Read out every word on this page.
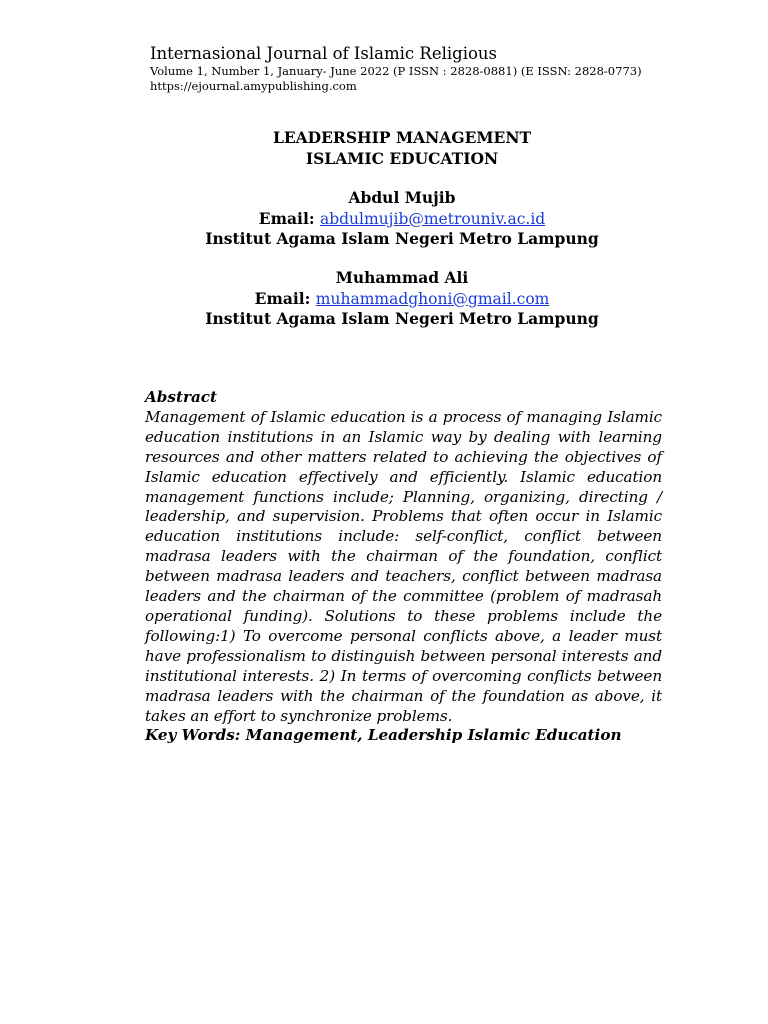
Internasional Journal of Islamic Religious
Volume 1, Number 1, January- June 2022 (P ISSN : 2828-0881) (E ISSN: 2828-0773)
https://ejournal.amypublishing.com
LEADERSHIP MANAGEMENT
ISLAMIC EDUCATION
Abdul Mujib
Email: abdulmujib@metrouniv.ac.id
Institut Agama Islam Negeri Metro Lampung
Muhammad Ali
Email: muhammadghoni@gmail.com
Institut Agama Islam Negeri Metro Lampung
Abstract
Management of Islamic education is a process of managing Islamic education institutions in an Islamic way by dealing with learning resources and other matters related to achieving the objectives of Islamic education effectively and efficiently. Islamic education management functions include; Planning, organizing, directing / leadership, and supervision. Problems that often occur in Islamic education institutions include: self-conflict, conflict between madrasa leaders with the chairman of the foundation, conflict between madrasa leaders and teachers, conflict between madrasa leaders and the chairman of the committee (problem of madrasah operational funding). Solutions to these problems include the following:1) To overcome personal conflicts above, a leader must have professionalism to distinguish between personal interests and institutional interests. 2) In terms of overcoming conflicts between madrasa leaders with the chairman of the foundation as above, it takes an effort to synchronize problems.
Key Words: Management, Leadership Islamic Education
